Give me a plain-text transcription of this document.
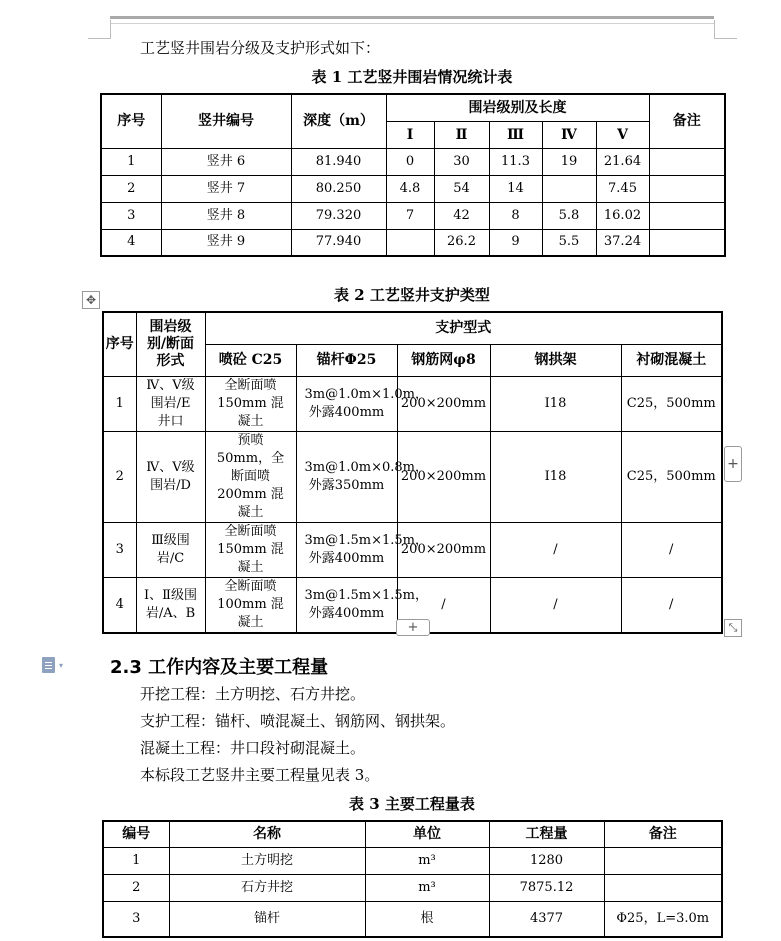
工艺竖井围岩分级及支护形式如下：
表 1 工艺竖井围岩情况统计表
序号	竖井编号	深度（m）	围岩级别及长度					备注
			Ⅰ	Ⅱ	Ⅲ	Ⅳ	Ⅴ	
1	竖井 6	81.940	0	30	11.3	19	21.64	
2	竖井 7	80.250	4.8	54	14		7.45	
3	竖井 8	79.320	7	42	8	5.8	16.02	
4	竖井 9	77.940		26.2	9	5.5	37.24	
✥	表 2 工艺竖井支护类型
序号	围岩级别/断面形式	支护型式				
		喷砼 C25	锚杆Φ25	钢筋网φ8	钢拱架	衬砌混凝土
1	Ⅳ、Ⅴ级围岩/E 井口	全断面喷150mm 混凝土	3m@1.0m×1.0m，外露400mm	200×200mm	I18	C25，500mm
2	Ⅳ、Ⅴ级围岩/D	预喷 50mm，全断面喷200mm 混凝土	3m@1.0m×0.8m，外露350mm	200×200mm	I18	C25，500mm
3	Ⅲ级围岩/C	全断面喷150mm 混凝土	3m@1.5m×1.5m，外露400mm	200×200mm	/	/
4	Ⅰ、Ⅱ级围岩/A、B	全断面喷100mm 混凝土	3m@1.5m×1.5m，外露400mm	/	/	/
+
+	⤡
▾	2.3 工作内容及主要工程量
开挖工程：土方明挖、石方井挖。
支护工程：锚杆、喷混凝土、钢筋网、钢拱架。
混凝土工程：井口段衬砌混凝土。
本标段工艺竖井主要工程量见表 3。
表 3 主要工程量表
编号	名称	单位	工程量	备注
1	土方明挖	m³	1280	
2	石方井挖	m³	7875.12	
3	锚杆	根	4377	Φ25，L=3.0m
